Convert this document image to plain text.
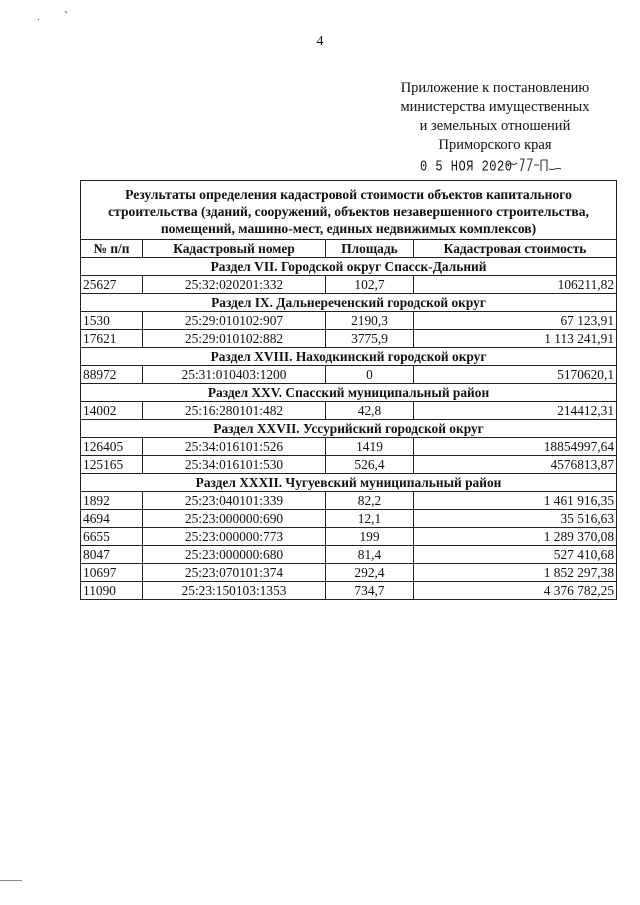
4
Приложение к постановлению
министерства имущественных
и земельных отношений
Приморского края
0 5 НОЯ 2020
Результаты определения кадастровой стоимости объектов капитального строительства (зданий, сооружений, объектов незавершенного строительства, помещений, машино-мест, единых недвижимых комплексов)			
№ п/п	Кадастровый номер	Площадь	Кадастровая стоимость
Раздел VII. Городской округ Спасск-Дальний			
25627	25:32:020201:332	102,7	106211,82
Раздел IX. Дальнереченский городской округ			
1530	25:29:010102:907	2190,3	67 123,91
17621	25:29:010102:882	3775,9	1 113 241,91
Раздел XVIII. Находкинский городской округ			
88972	25:31:010403:1200	0	5170620,1
Раздел XXV. Спасский муниципальный район			
14002	25:16:280101:482	42,8	214412,31
Раздел XXVII. Уссурийский городской округ			
126405	25:34:016101:526	1419	18854997,64
125165	25:34:016101:530	526,4	4576813,87
Раздел XXXII. Чугуевский муниципальный район			
1892	25:23:040101:339	82,2	1 461 916,35
4694	25:23:000000:690	12,1	35 516,63
6655	25:23:000000:773	199	1 289 370,08
8047	25:23:000000:680	81,4	527 410,68
10697	25:23:070101:374	292,4	1 852 297,38
11090	25:23:150103:1353	734,7	4 376 782,25
